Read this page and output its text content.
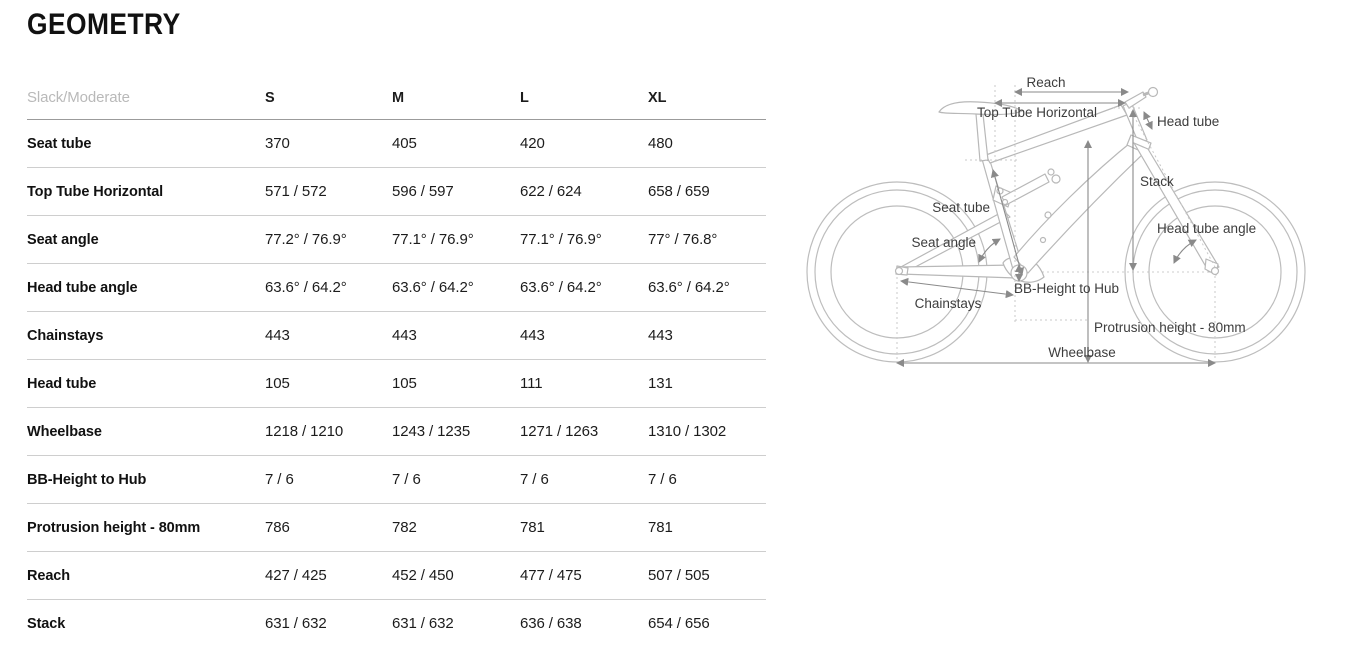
GEOMETRY
Slack/Moderate	S	M	L	XL
Seat tube	370	405	420	480
Top Tube Horizontal	571 / 572	596 / 597	622 / 624	658 / 659
Seat angle	77.2° / 76.9°	77.1° / 76.9°	77.1° / 76.9°	77° / 76.8°
Head tube angle	63.6° / 64.2°	63.6° / 64.2°	63.6° / 64.2°	63.6° / 64.2°
Chainstays	443	443	443	443
Head tube	105	105	111	131
Wheelbase	1218 / 1210	1243 / 1235	1271 / 1263	1310 / 1302
BB-Height to Hub	7 / 6	7 / 6	7 / 6	7 / 6
Protrusion height - 80mm	786	782	781	781
Reach	427 / 425	452 / 450	477 / 475	507 / 505
Stack	631 / 632	631 / 632	636 / 638	654 / 656
Reach
Top Tube Horizontal
Head tube
Stack
Seat tube
Seat angle
Head tube angle
BB-Height to Hub
Chainstays
Protrusion height - 80mm
Wheelbase
